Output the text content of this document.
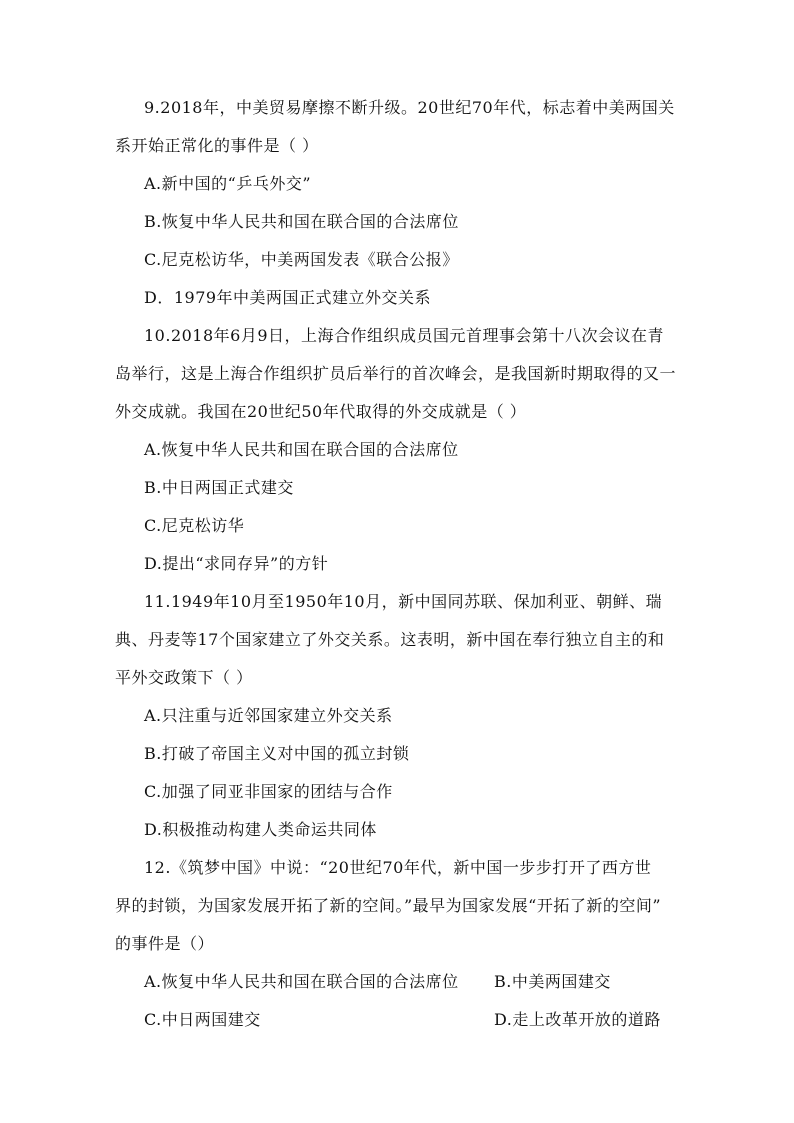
9.2018年，中美贸易摩擦不断升级。20世纪70年代，标志着中美两国关
系开始正常化的事件是（ ）
A.新中国的“乒乓外交”
B.恢复中华人民共和国在联合国的合法席位
C.尼克松访华，中美两国发表《联合公报》
D．1979年中美两国正式建立外交关系
10.2018年6月9日，上海合作组织成员国元首理事会第十八次会议在青
岛举行，这是上海合作组织扩员后举行的首次峰会，是我国新时期取得的又一
外交成就。我国在20世纪50年代取得的外交成就是（ ）
A.恢复中华人民共和国在联合国的合法席位
B.中日两国正式建交
C.尼克松访华
D.提出“求同存异”的方针
11.1949年10月至1950年10月，新中国同苏联、保加利亚、朝鲜、瑞
典、丹麦等17个国家建立了外交关系。这表明，新中国在奉行独立自主的和
平外交政策下（ ）
A.只注重与近邻国家建立外交关系
B.打破了帝国主义对中国的孤立封锁
C.加强了同亚非国家的团结与合作
D.积极推动构建人类命运共同体
12.《筑梦中国》中说：“20世纪70年代，新中国一步步打开了西方世
界的封锁，为国家发展开拓了新的空间。”最早为国家发展“开拓了新的空间”
的事件是（）
A.恢复中华人民共和国在联合国的合法席位 B.中美两国建交
C.中日两国建交	D.走上改革开放的道路
